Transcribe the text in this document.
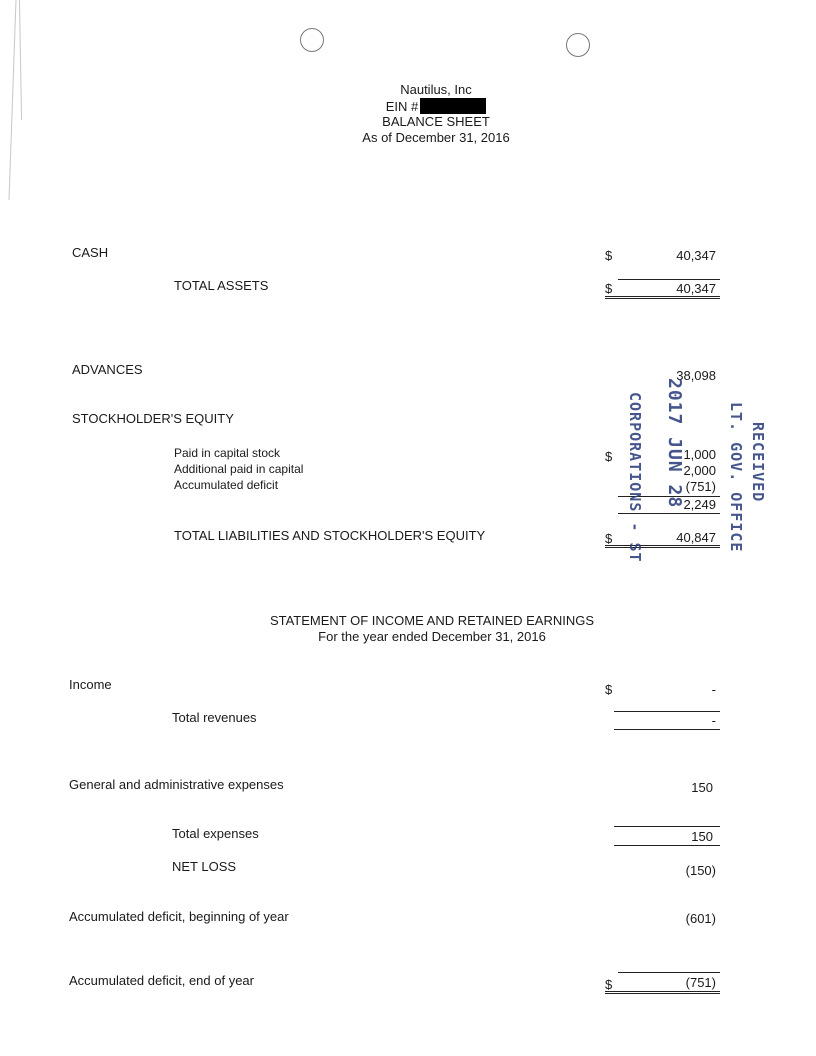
Nautilus, Inc
EIN #
BALANCE SHEET
As of December 31, 2016
CASH	$	40,347
TOTAL ASSETS	$	40,347
ADVANCES	38,098
STOCKHOLDER'S EQUITY
Paid in capital stock	$	1,000
Additional paid in capital	2,000
Accumulated deficit	(751)
2,249
TOTAL LIABILITIES AND STOCKHOLDER'S EQUITY	$	40,847
STATEMENT OF INCOME AND RETAINED EARNINGS
For the year ended December 31, 2016
Income	$	-
Total revenues	-
General and administrative expenses	150
Total expenses	150
NET LOSS	(150)
Accumulated deficit, beginning of year	(601)
Accumulated deficit, end of year	$	(751)
RECEIVED
LT. GOV. OFFICE
2017 JUN 28
CORPORATIONS - ST
